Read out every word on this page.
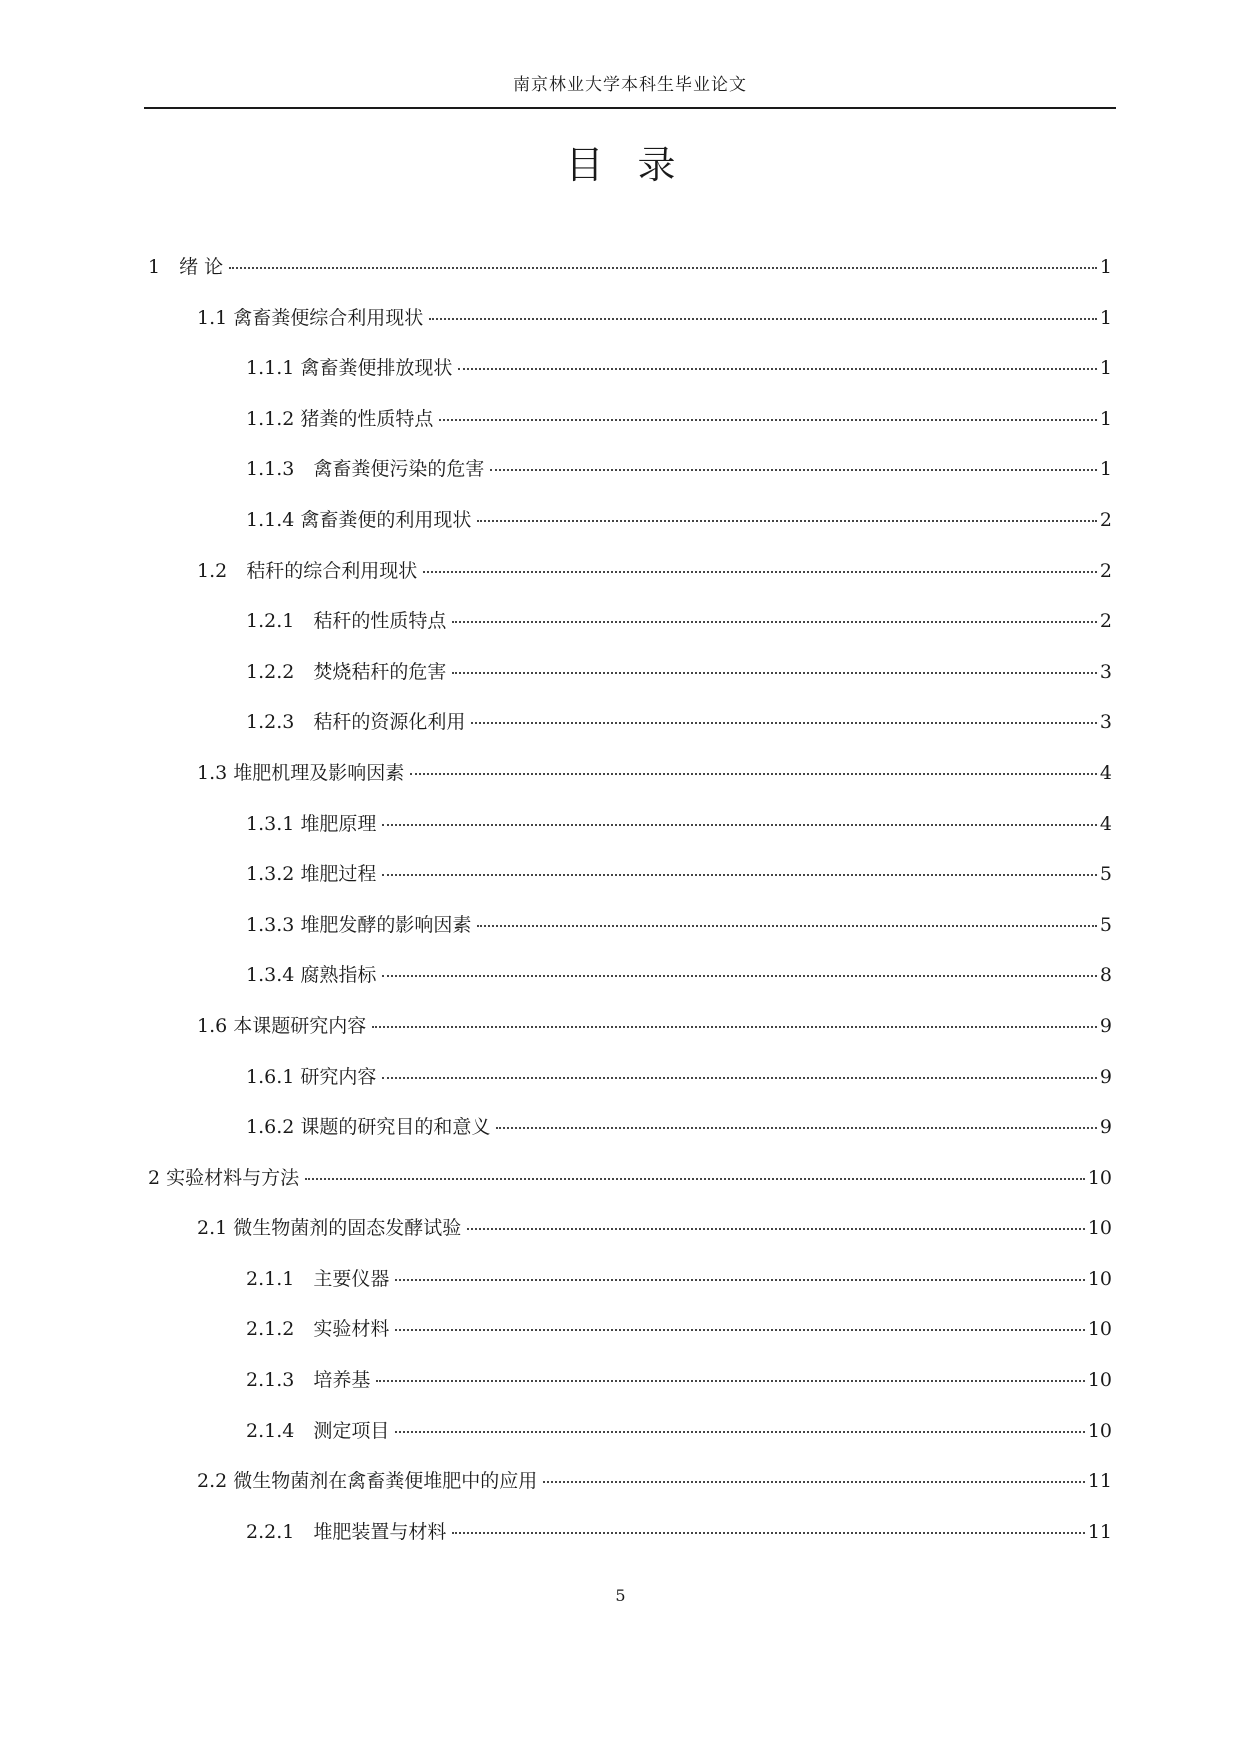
南京林业大学本科生毕业论文
目录
1　绪 论	1
1.1 禽畜粪便综合利用现状	1
1.1.1 禽畜粪便排放现状	1
1.1.2 猪粪的性质特点	1
1.1.3　禽畜粪便污染的危害	1
1.1.4 禽畜粪便的利用现状	2
1.2　秸秆的综合利用现状	2
1.2.1　秸秆的性质特点	2
1.2.2　焚烧秸秆的危害	3
1.2.3　秸秆的资源化利用	3
1.3 堆肥机理及影响因素	4
1.3.1 堆肥原理	4
1.3.2 堆肥过程	5
1.3.3 堆肥发酵的影响因素	5
1.3.4 腐熟指标	8
1.6 本课题研究内容	9
1.6.1 研究内容	9
1.6.2 课题的研究目的和意义	9
2 实验材料与方法	10
2.1 微生物菌剂的固态发酵试验	10
2.1.1　主要仪器	10
2.1.2　实验材料	10
2.1.3　培养基	10
2.1.4　测定项目	10
2.2 微生物菌剂在禽畜粪便堆肥中的应用	11
2.2.1　堆肥装置与材料	11
5
